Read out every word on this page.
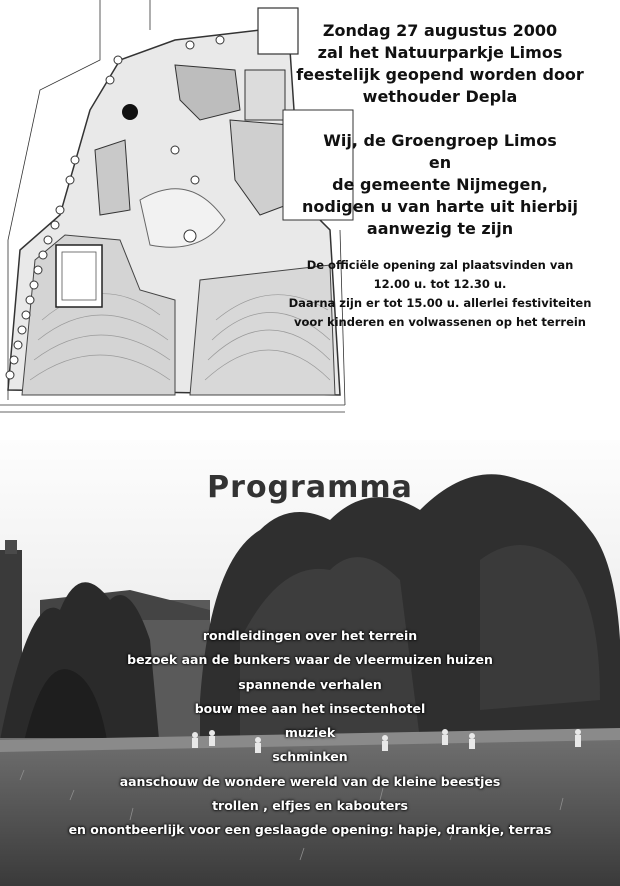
Zondag 27 augustus 2000

zal het Natuurparkje Limos

feestelijk geopend worden door

wethouder Depla

Wij, de Groengroep Limos

en

de gemeente Nijmegen,

nodigen u van harte uit hierbij

aanwezig te zijn

De officiële opening zal plaatsvinden van

12.00 u. tot 12.30 u.

Daarna zijn er tot 15.00 u. allerlei festiviteiten

voor kinderen en volwassenen op het terrein

Programma
rondleidingen over het terrein
bezoek aan de bunkers waar de vleermuizen huizen
spannende verhalen
bouw mee aan het insectenhotel
muziek
schminken
aanschouw de wondere wereld van de kleine beestjes
trollen , elfjes en kabouters
en onontbeerlijk voor een geslaagde opening: hapje, drankje, terras
